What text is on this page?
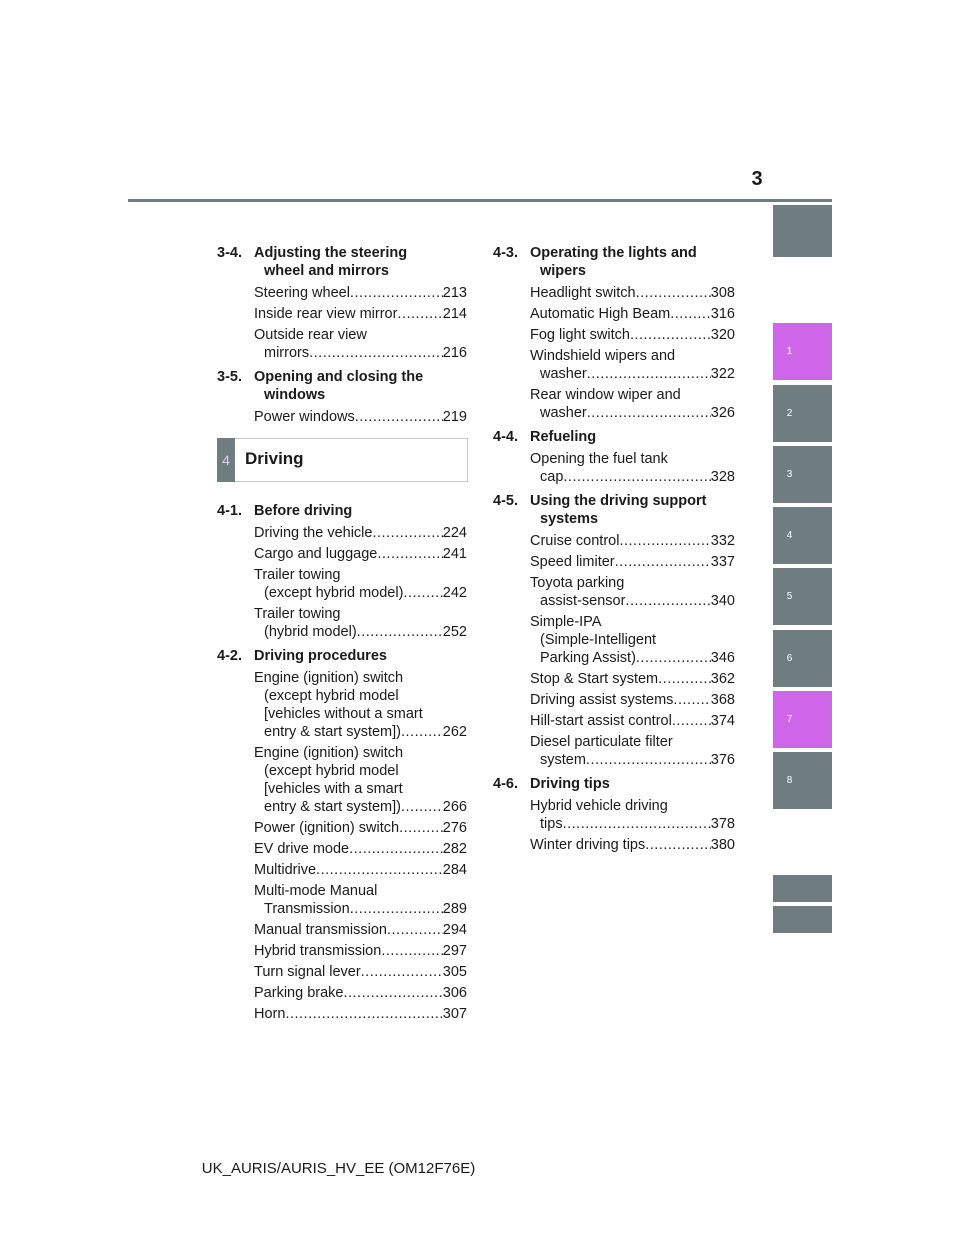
3
3-4. Adjusting the steering
wheel and mirrors
Steering wheel .....	213
Inside rear view mirror .....	214
Outside rear view
mirrors .....	216
3-5. Opening and closing the
windows
Power windows .....	219
4 Driving
4-1. Before driving
Driving the vehicle .....	224
Cargo and luggage .....	241
Trailer towing
(except hybrid model) .....	242
Trailer towing
(hybrid model) .....	252
4-2. Driving procedures
Engine (ignition) switch
(except hybrid model
[vehicles without a smart
entry & start system]) .....	262
Engine (ignition) switch
(except hybrid model
[vehicles with a smart
entry & start system]) .....	266
Power (ignition) switch .....	276
EV drive mode .....	282
Multidrive .....	284
Multi-mode Manual
Transmission .....	289
Manual transmission .....	294
Hybrid transmission .....	297
Turn signal lever .....	305
Parking brake .....	306
Horn .....	307
4-3. Operating the lights and
wipers
Headlight switch .....	308
Automatic High Beam .....	316
Fog light switch .....	320
Windshield wipers and
washer .....	322
Rear window wiper and
washer .....	326
4-4. Refueling
Opening the fuel tank
cap .....	328
4-5. Using the driving support
systems
Cruise control .....	332
Speed limiter .....	337
Toyota parking
assist-sensor .....	340
Simple-IPA
(Simple-Intelligent
Parking Assist) .....	346
Stop & Start system .....	362
Driving assist systems .....	368
Hill-start assist control .....	374
Diesel particulate filter
system .....	376
4-6. Driving tips
Hybrid vehicle driving
tips .....	378
Winter driving tips .....	380
1
2
3
4
5
6
7
8
UK_AURIS/AURIS_HV_EE (OM12F76E)
